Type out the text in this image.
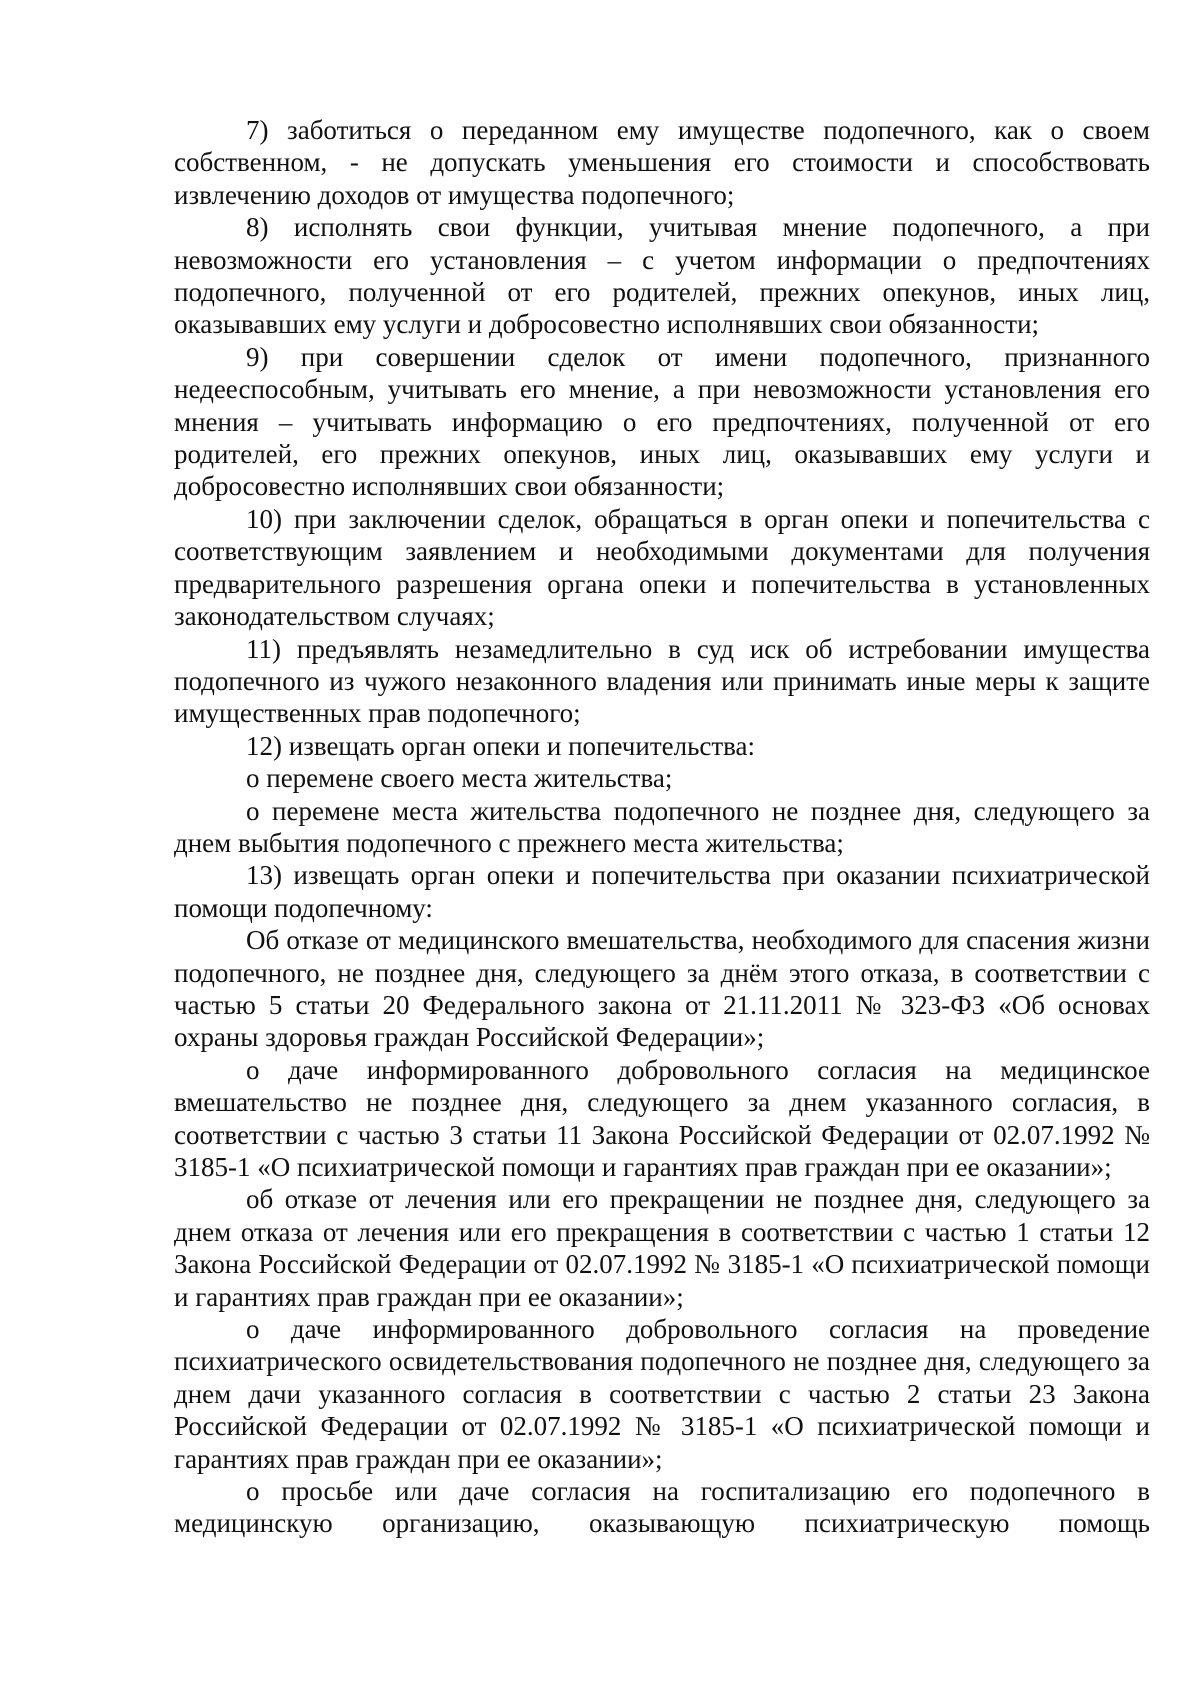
7) заботиться о переданном ему имуществе подопечного, как о своем собственном, - не допускать уменьшения его стоимости и способствовать извлечению доходов от имущества подопечного;

8) исполнять свои функции, учитывая мнение подопечного, а при невозможности его установления – с учетом информации о предпочтениях подопечного, полученной от его родителей, прежних опекунов, иных лиц, оказывавших ему услуги и добросовестно исполнявших свои обязанности;

9) при совершении сделок от имени подопечного, признанного недееспособным, учитывать его мнение, а при невозможности установления его мнения – учитывать информацию о его предпочтениях, полученной от его родителей, его прежних опекунов, иных лиц, оказывавших ему услуги и добросовестно исполнявших свои обязанности;

10) при заключении сделок, обращаться в орган опеки и попечительства с соответствующим заявлением и необходимыми документами для получения предварительного разрешения органа опеки и попечительства в установленных законодательством случаях;

11) предъявлять незамедлительно в суд иск об истребовании имущества подопечного из чужого незаконного владения или принимать иные меры к защите имущественных прав подопечного;

12) извещать орган опеки и попечительства:

о перемене своего места жительства;

о перемене места жительства подопечного не позднее дня, следующего за днем выбытия подопечного с прежнего места жительства;

13) извещать орган опеки и попечительства при оказании психиатрической помощи подопечному:

Об отказе от медицинского вмешательства, необходимого для спасения жизни подопечного, не позднее дня, следующего за днём этого отказа, в соответствии с частью 5 статьи 20 Федерального закона от 21.11.2011 № 323-ФЗ «Об основах охраны здоровья граждан Российской Федерации»;

о даче информированного добровольного согласия на медицинское вмешательство не позднее дня, следующего за днем указанного согласия, в соответствии с частью 3 статьи 11 Закона Российской Федерации от 02.07.1992 № 3185-1 «О психиатрической помощи и гарантиях прав граждан при ее оказании»;

об отказе от лечения или его прекращении не позднее дня, следующего за днем отказа от лечения или его прекращения в соответствии с частью 1 статьи 12 Закона Российской Федерации от 02.07.1992 № 3185-1 «О психиатрической помощи и гарантиях прав граждан при ее оказании»;

о даче информированного добровольного согласия на проведение психиатрического освидетельствования подопечного не позднее дня, следующего за днем дачи указанного согласия в соответствии с частью 2 статьи 23 Закона Российской Федерации от 02.07.1992 № 3185-1 «О психиатрической помощи и гарантиях прав граждан при ее оказании»;

о просьбе или даче согласия на госпитализацию его подопечного в медицинскую организацию, оказывающую психиатрическую помощь
